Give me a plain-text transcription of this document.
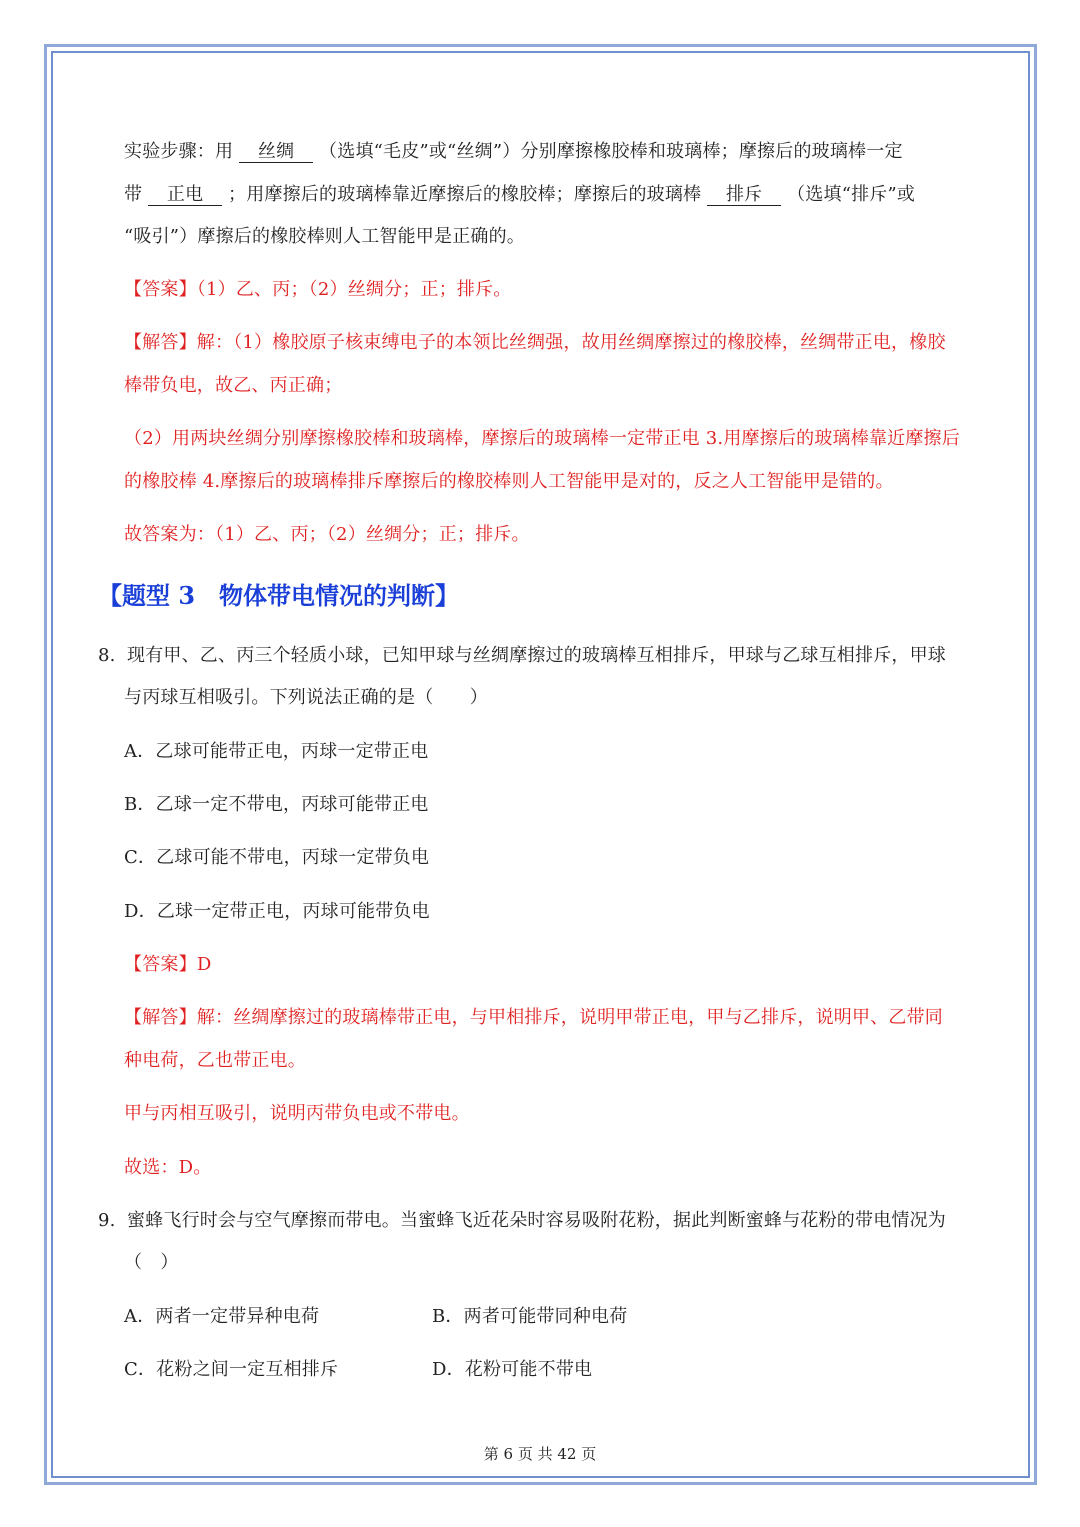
实验步骤：用 丝绸 （选填“毛皮”或“丝绸”）分别摩擦橡胶棒和玻璃棒；摩擦后的玻璃棒一定
带 正电 ；用摩擦后的玻璃棒靠近摩擦后的橡胶棒；摩擦后的玻璃棒 排斥 （选填“排斥”或
“吸引”）摩擦后的橡胶棒则人工智能甲是正确的。
【答案】（1）乙、丙；（2）丝绸分；正；排斥。
【解答】解：（1）橡胶原子核束缚电子的本领比丝绸强，故用丝绸摩擦过的橡胶棒，丝绸带正电，橡胶
棒带负电，故乙、丙正确；
（2）用两块丝绸分别摩擦橡胶棒和玻璃棒，摩擦后的玻璃棒一定带正电 3.用摩擦后的玻璃棒靠近摩擦后
的橡胶棒 4.摩擦后的玻璃棒排斥摩擦后的橡胶棒则人工智能甲是对的，反之人工智能甲是错的。
故答案为：（1）乙、丙；（2）丝绸分；正；排斥。
【题型 3　物体带电情况的判断】
8. 现有甲、乙、丙三个轻质小球，已知甲球与丝绸摩擦过的玻璃棒互相排斥，甲球与乙球互相排斥，甲球
与丙球互相吸引。下列说法正确的是（　　）
A．乙球可能带正电，丙球一定带正电
B．乙球一定不带电，丙球可能带正电
C．乙球可能不带电，丙球一定带负电
D．乙球一定带正电，丙球可能带负电
【答案】D
【解答】解：丝绸摩擦过的玻璃棒带正电，与甲相排斥，说明甲带正电，甲与乙排斥，说明甲、乙带同
种电荷，乙也带正电。
甲与丙相互吸引，说明丙带负电或不带电。
故选：D。
9. 蜜蜂飞行时会与空气摩擦而带电。当蜜蜂飞近花朵时容易吸附花粉，据此判断蜜蜂与花粉的带电情况为
（　）
A．两者一定带异种电荷	B．两者可能带同种电荷
C．花粉之间一定互相排斥	D．花粉可能不带电
第 6 页 共 42 页
